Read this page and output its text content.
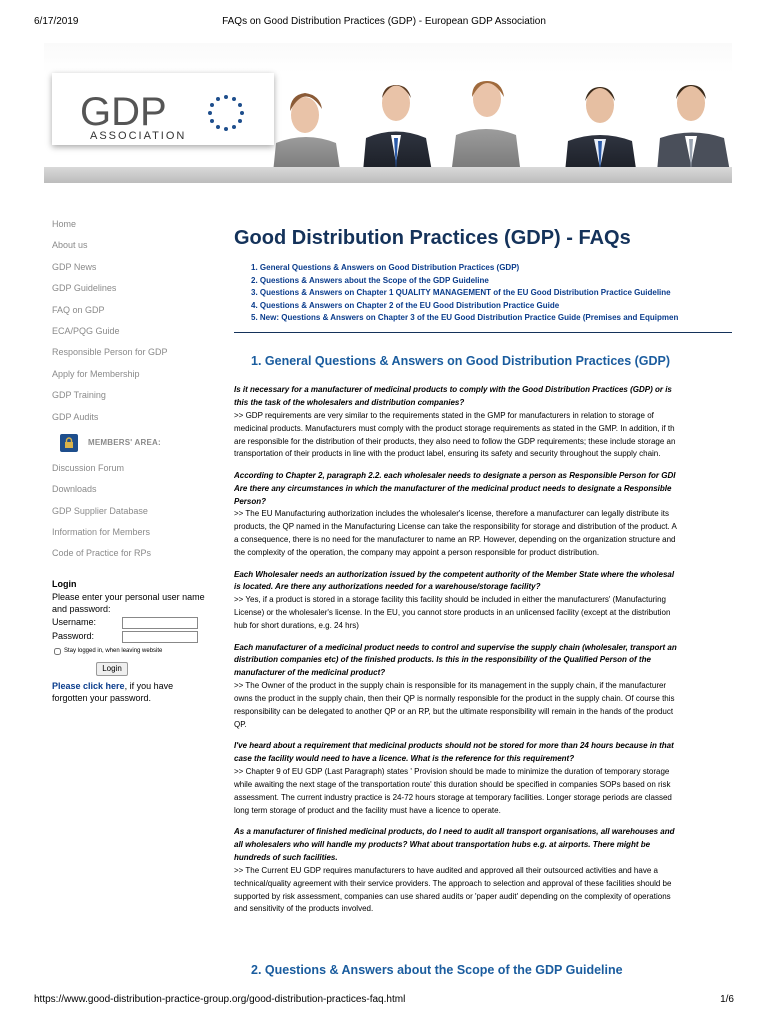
6/17/2019	FAQs on Good Distribution Practices (GDP) - European GDP Association
GDP
ASSOCIATION
Home
About us
GDP News
GDP Guidelines
FAQ on GDP
ECA/PQG Guide
Responsible Person for GDP
Apply for Membership
GDP Training
GDP Audits
MEMBERS' AREA:
Discussion Forum
Downloads
GDP Supplier Database
Information for Members
Code of Practice for RPs
Login
Please enter your personal user name
and password:
Username:
Password:
Stay logged in, when leaving website
Login
Please click here, if you have
forgotten your password.
Good Distribution Practices (GDP) - FAQs
1. General Questions & Answers on Good Distribution Practices (GDP)
2. Questions & Answers about the Scope of the GDP Guideline
3. Questions & Answers on Chapter 1 QUALITY MANAGEMENT of the EU Good Distribution Practice Guideline
4. Questions & Answers on Chapter 2 of the EU Good Distribution Practice Guide
5. New: Questions & Answers on Chapter 3 of the EU Good Distribution Practice Guide (Premises and Equipmen
1. General Questions & Answers on Good Distribution Practices (GDP)
Is it necessary for a manufacturer of medicinal products to comply with the Good Distribution Practices (GDP) or is
this the task of the wholesalers and distribution companies?
>> GDP requirements are very similar to the requirements stated in the GMP for manufacturers in relation to storage of
medicinal products. Manufacturers must comply with the product storage requirements as stated in the GMP. In addition, if th
are responsible for the distribution of their products, they also need to follow the GDP requirements; these include storage an
transportation of their products in line with the product label, ensuring its safety and security throughout the supply chain.
According to Chapter 2, paragraph 2.2. each wholesaler needs to designate a person as Responsible Person for GDI
Are there any circumstances in which the manufacturer of the medicinal product needs to designate a Responsible
Person?
>> The EU Manufacturing authorization includes the wholesaler's license, therefore a manufacturer can legally distribute its
products, the QP named in the Manufacturing License can take the responsibility for storage and distribution of the product. A
a consequence, there is no need for the manufacturer to name an RP. However, depending on the organization structure and
the complexity of the operation, the company may appoint a person responsible for product distribution.
Each Wholesaler needs an authorization issued by the competent authority of the Member State where the wholesal
is located. Are there any authorizations needed for a warehouse/storage facility?
>> Yes, if a product is stored in a storage facility this facility should be included in either the manufacturers' (Manufacturing
License) or the wholesaler's license. In the EU, you cannot store products in an unlicensed facility (except at the distribution
hub for short durations, e.g. 24 hrs)
Each manufacturer of a medicinal product needs to control and supervise the supply chain (wholesaler, transport an
distribution companies etc) of the finished products. Is this in the responsibility of the Qualified Person of the
manufacturer of the medicinal product?
>> The Owner of the product in the supply chain is responsible for its management in the supply chain, if the manufacturer
owns the product in the supply chain, then their QP is normally responsible for the product in the supply chain. Of course this
responsibility can be delegated to another QP or an RP, but the ultimate responsibility will remain in the hands of the product
QP.
I've heard about a requirement that medicinal products should not be stored for more than 24 hours because in that
case the facility would need to have a licence. What is the reference for this requirement?
>> Chapter 9 of EU GDP (Last Paragraph) states ' Provision should be made to minimize the duration of temporary storage
while awaiting the next stage of the transportation route' this duration should be specified in companies SOPs based on risk
assessment. The current industry practice is 24-72 hours storage at temporary facilities. Longer storage periods are classed
long term storage of product and the facility must have a licence to operate.
As a manufacturer of finished medicinal products, do I need to audit all transport organisations, all warehouses and
all wholesalers who will handle my products? What about transportation hubs e.g. at airports. There might be
hundreds of such facilities.
>> The Current EU GDP requires manufacturers to have audited and approved all their outsourced activities and have a
technical/quality agreement with their service providers. The approach to selection and approval of these facilities should be
supported by risk assessment, companies can use shared audits or 'paper audit' depending on the complexity of operations
and sensitivity of the products involved.
2. Questions & Answers about the Scope of the GDP Guideline
https://www.good-distribution-practice-group.org/good-distribution-practices-faq.html	1/6
